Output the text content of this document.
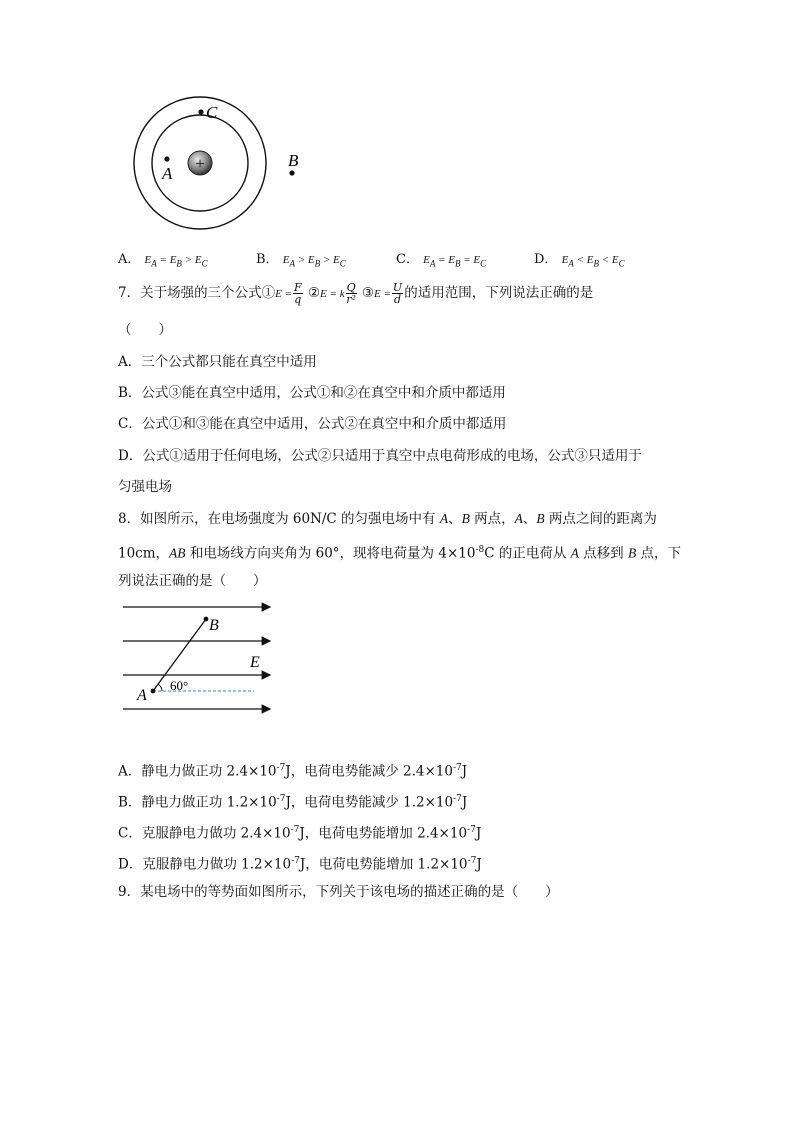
+
C
A
B
A． $E_A = E_B > E_C$	B． $E_A > E_B > E_C$	C． $E_A = E_B = E_C$	D． $E_A < E_B < E_C$
7．关于场强的三个公式①E = $\frac{F}{q}$ ②E = k $\frac{Q}{\text{r²}}$ ③E = $\frac{U}{d}$ 的适用范围，下列说法正确的是
（　　）
A．三个公式都只能在真空中适用
B．公式③能在真空中适用，公式①和②在真空中和介质中都适用
C．公式①和③能在真空中适用，公式②在真空中和介质中都适用
D．公式①适用于任何电场，公式②只适用于真空中点电荷形成的电场，公式③只适用于
匀强电场
8．如图所示，在电场强度为 60N/C 的匀强电场中有 A、B 两点，A、B 两点之间的距离为
10cm，AB 和电场线方向夹角为 60°，现将电荷量为 $4\times 10^{-8}C$ 的正电荷从 A 点移到 B 点，下
列说法正确的是（　　）
B
A
E
60°
A．静电力做正功 $2.4\times 10^{-7}J$，电荷电势能减少 $2.4\times 10^{-7}J$
B．静电力做正功 $1.2\times 10^{-7}J$，电荷电势能减少 $1.2\times 10^{-7}J$
C．克服静电力做功 $2.4\times 10^{-7}J$，电荷电势能增加 $2.4\times 10^{-7}J$
D．克服静电力做功 $1.2\times 10^{-7}J$，电荷电势能增加 $1.2\times 10^{-7}J$
9．某电场中的等势面如图所示，下列关于该电场的描述正确的是（　　）
